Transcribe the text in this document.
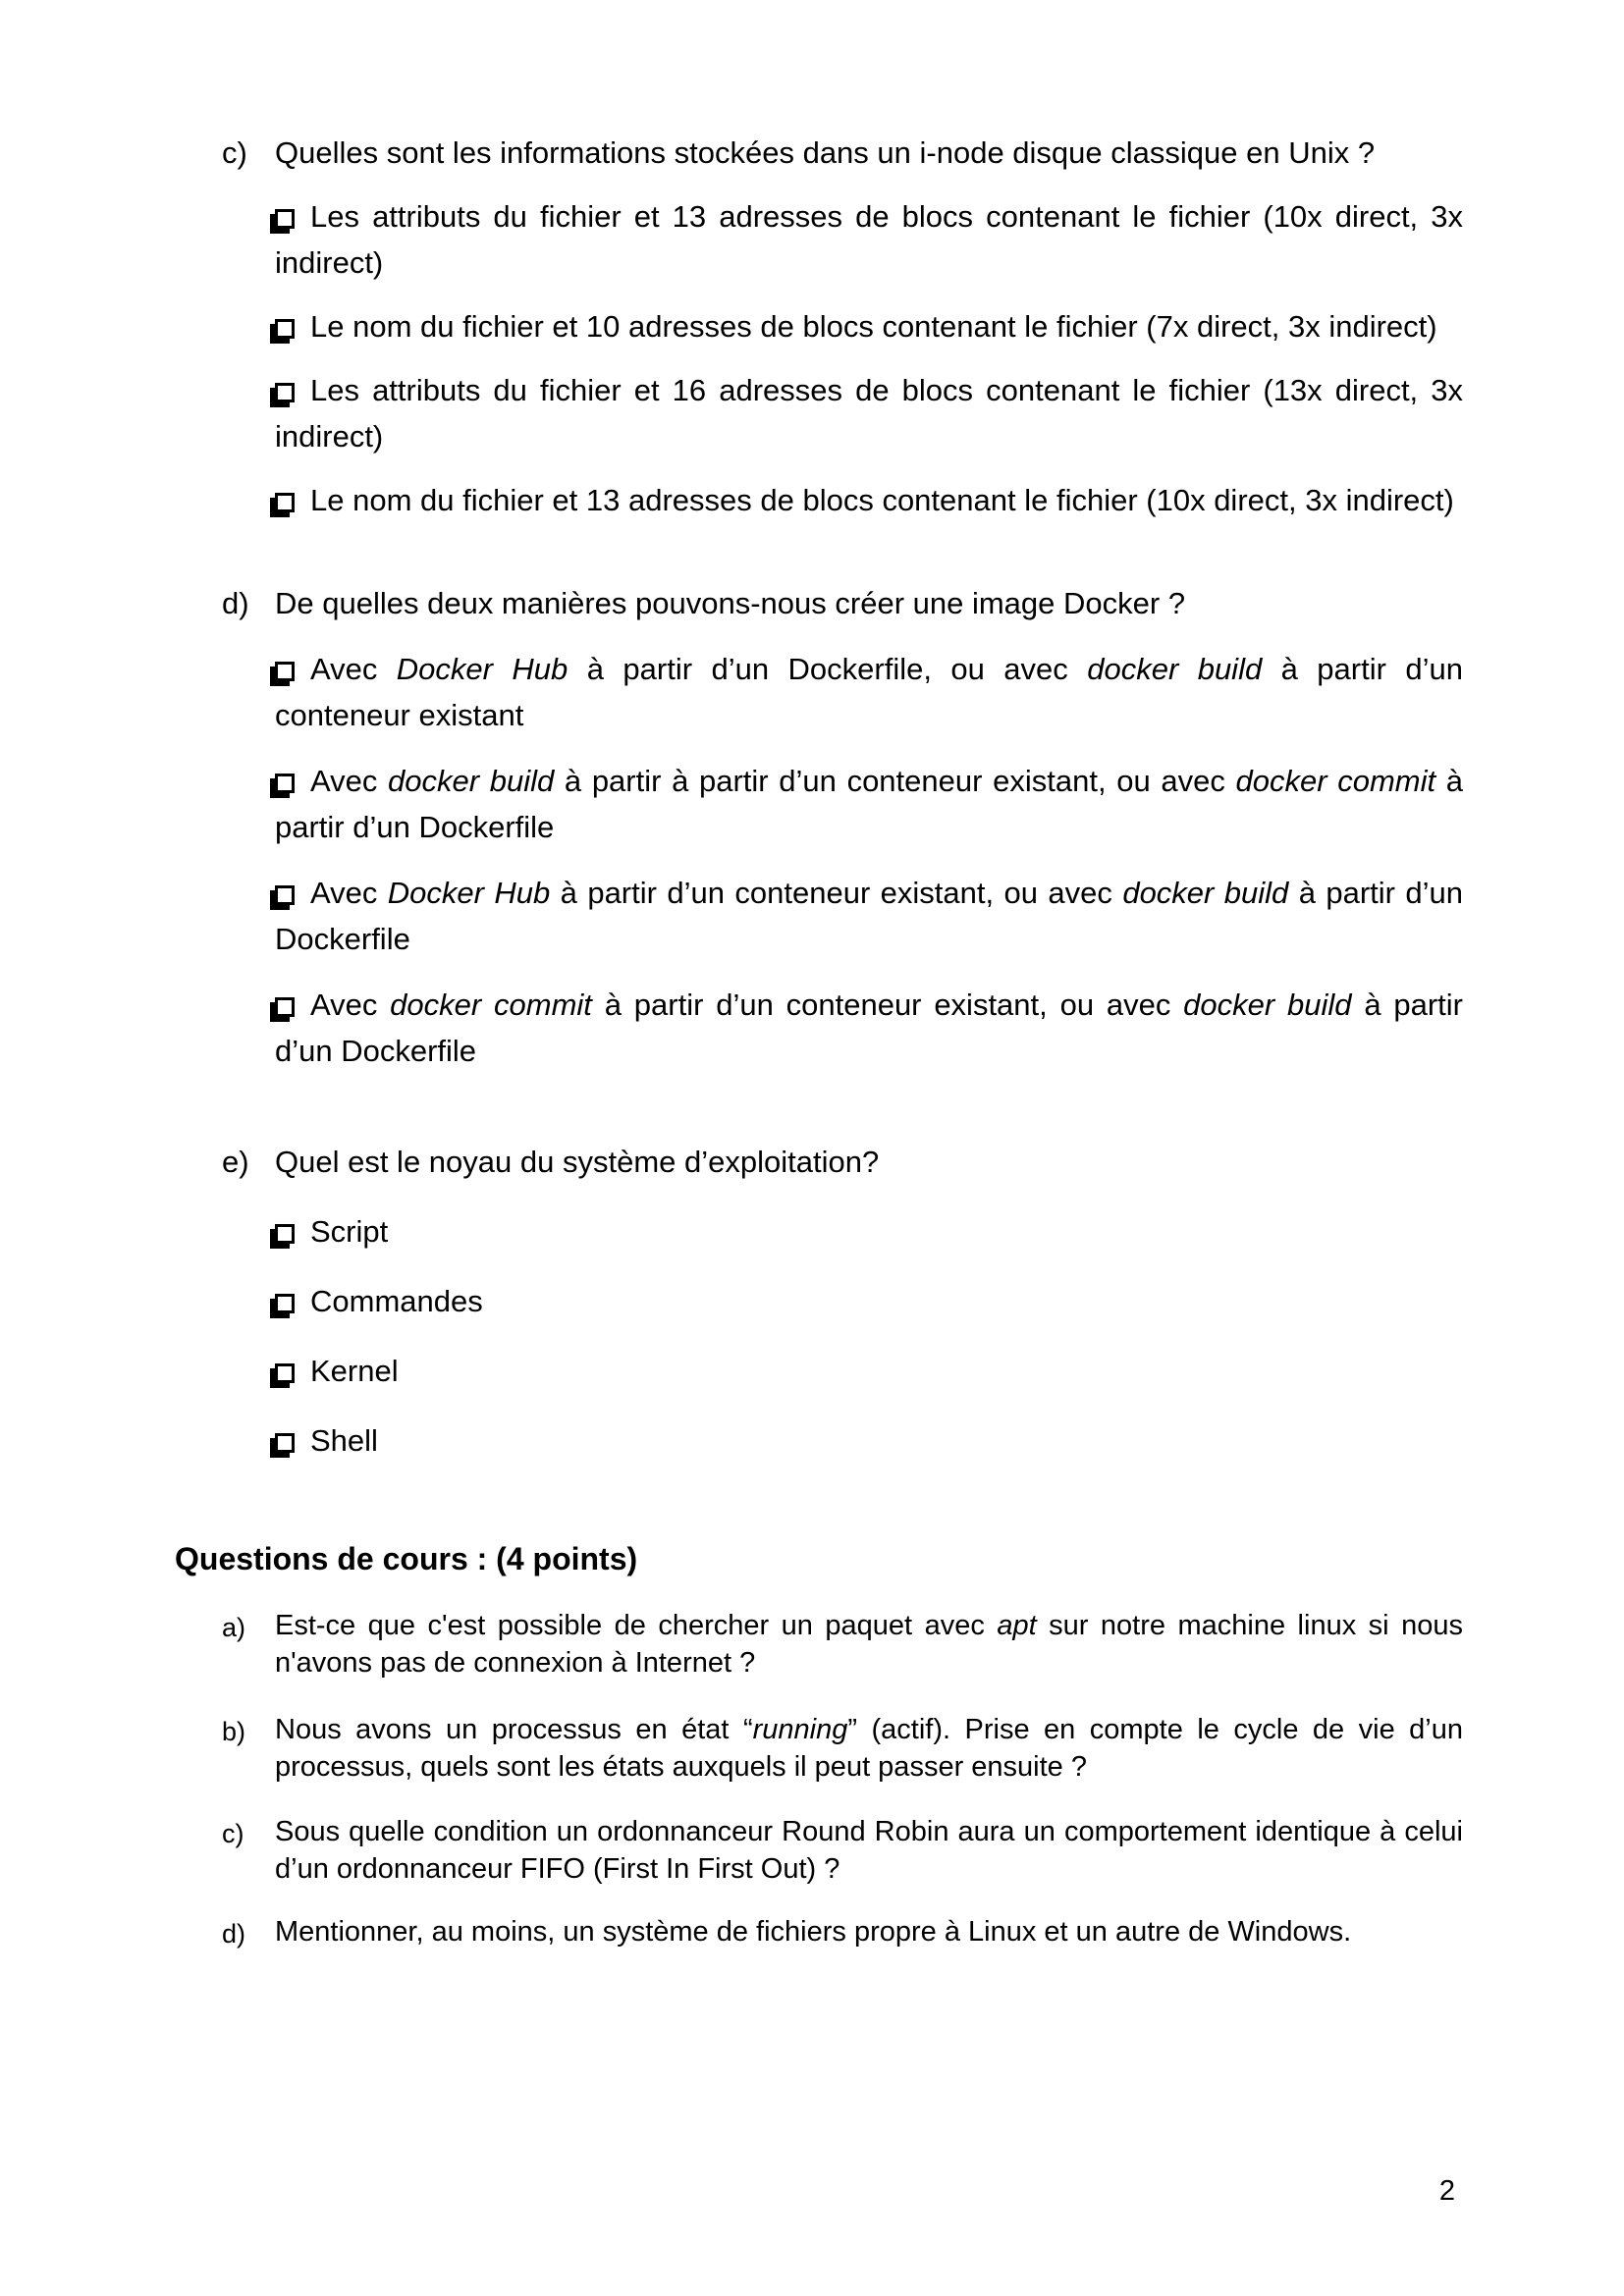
c) Quelles sont les informations stockées dans un i-node disque classique en Unix ?

Les attributs du fichier et 13 adresses de blocs contenant le fichier (10x direct, 3x indirect)

Le nom du fichier et 10 adresses de blocs contenant le fichier (7x direct, 3x indirect)

Les attributs du fichier et 16 adresses de blocs contenant le fichier (13x direct, 3x indirect)

Le nom du fichier et 13 adresses de blocs contenant le fichier (10x direct, 3x indirect)

d) De quelles deux manières pouvons-nous créer une image Docker ?

Avec Docker Hub à partir d’un Dockerfile, ou avec docker build à partir d’un conteneur existant

Avec docker build à partir à partir d’un conteneur existant, ou avec docker commit à partir d’un Dockerfile

Avec Docker Hub à partir d’un conteneur existant, ou avec docker build à partir d’un Dockerfile

Avec docker commit à partir d’un conteneur existant, ou avec docker build à partir d’un Dockerfile

e) Quel est le noyau du système d’exploitation?

Script

Commandes

Kernel

Shell

Questions de cours : (4 points)
a) Est-ce que c'est possible de chercher un paquet avec apt sur notre machine linux si nous n'avons pas de connexion à Internet ?
b) Nous avons un processus en état “running” (actif). Prise en compte le cycle de vie d’un processus, quels sont les états auxquels il peut passer ensuite ?
c) Sous quelle condition un ordonnanceur Round Robin aura un comportement identique à celui d’un ordonnanceur FIFO (First In First Out) ?
d) Mentionner, au moins, un système de fichiers propre à Linux et un autre de Windows.
2
